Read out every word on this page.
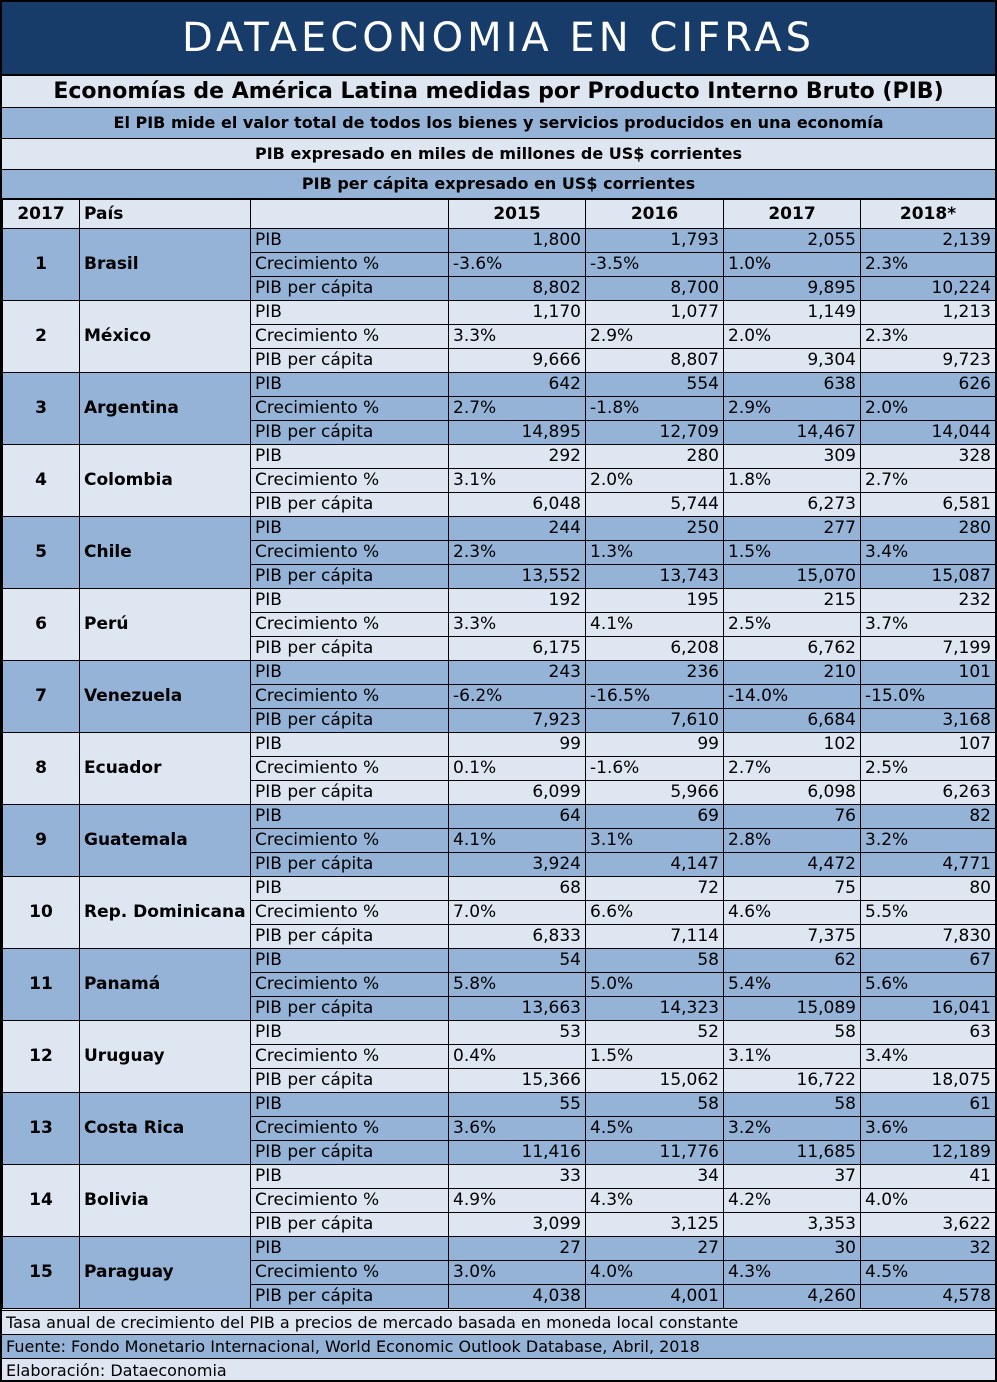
DATAECONOMIA EN CIFRAS
Economías de América Latina medidas por Producto Interno Bruto (PIB)
El PIB mide el valor total de todos los bienes y servicios producidos en una economía
PIB expresado en miles de millones de US$ corrientes
PIB per cápita expresado en US$ corrientes
2017	País		2015	2016	2017	2018*
1	Brasil	PIB	1,800	1,793	2,055	2,139
		Crecimiento %	-3.6%	-3.5%	1.0%	2.3%
		PIB per cápita	8,802	8,700	9,895	10,224
2	México	PIB	1,170	1,077	1,149	1,213
		Crecimiento %	3.3%	2.9%	2.0%	2.3%
		PIB per cápita	9,666	8,807	9,304	9,723
3	Argentina	PIB	642	554	638	626
		Crecimiento %	2.7%	-1.8%	2.9%	2.0%
		PIB per cápita	14,895	12,709	14,467	14,044
4	Colombia	PIB	292	280	309	328
		Crecimiento %	3.1%	2.0%	1.8%	2.7%
		PIB per cápita	6,048	5,744	6,273	6,581
5	Chile	PIB	244	250	277	280
		Crecimiento %	2.3%	1.3%	1.5%	3.4%
		PIB per cápita	13,552	13,743	15,070	15,087
6	Perú	PIB	192	195	215	232
		Crecimiento %	3.3%	4.1%	2.5%	3.7%
		PIB per cápita	6,175	6,208	6,762	7,199
7	Venezuela	PIB	243	236	210	101
		Crecimiento %	-6.2%	-16.5%	-14.0%	-15.0%
		PIB per cápita	7,923	7,610	6,684	3,168
8	Ecuador	PIB	99	99	102	107
		Crecimiento %	0.1%	-1.6%	2.7%	2.5%
		PIB per cápita	6,099	5,966	6,098	6,263
9	Guatemala	PIB	64	69	76	82
		Crecimiento %	4.1%	3.1%	2.8%	3.2%
		PIB per cápita	3,924	4,147	4,472	4,771
10	Rep. Dominicana	PIB	68	72	75	80
		Crecimiento %	7.0%	6.6%	4.6%	5.5%
		PIB per cápita	6,833	7,114	7,375	7,830
11	Panamá	PIB	54	58	62	67
		Crecimiento %	5.8%	5.0%	5.4%	5.6%
		PIB per cápita	13,663	14,323	15,089	16,041
12	Uruguay	PIB	53	52	58	63
		Crecimiento %	0.4%	1.5%	3.1%	3.4%
		PIB per cápita	15,366	15,062	16,722	18,075
13	Costa Rica	PIB	55	58	58	61
		Crecimiento %	3.6%	4.5%	3.2%	3.6%
		PIB per cápita	11,416	11,776	11,685	12,189
14	Bolivia	PIB	33	34	37	41
		Crecimiento %	4.9%	4.3%	4.2%	4.0%
		PIB per cápita	3,099	3,125	3,353	3,622
15	Paraguay	PIB	27	27	30	32
		Crecimiento %	3.0%	4.0%	4.3%	4.5%
		PIB per cápita	4,038	4,001	4,260	4,578
Tasa anual de crecimiento del PIB a precios de mercado basada en moneda local constante
Fuente: Fondo Monetario Internacional, World Economic Outlook Database, Abril, 2018
Elaboración: Dataeconomia
